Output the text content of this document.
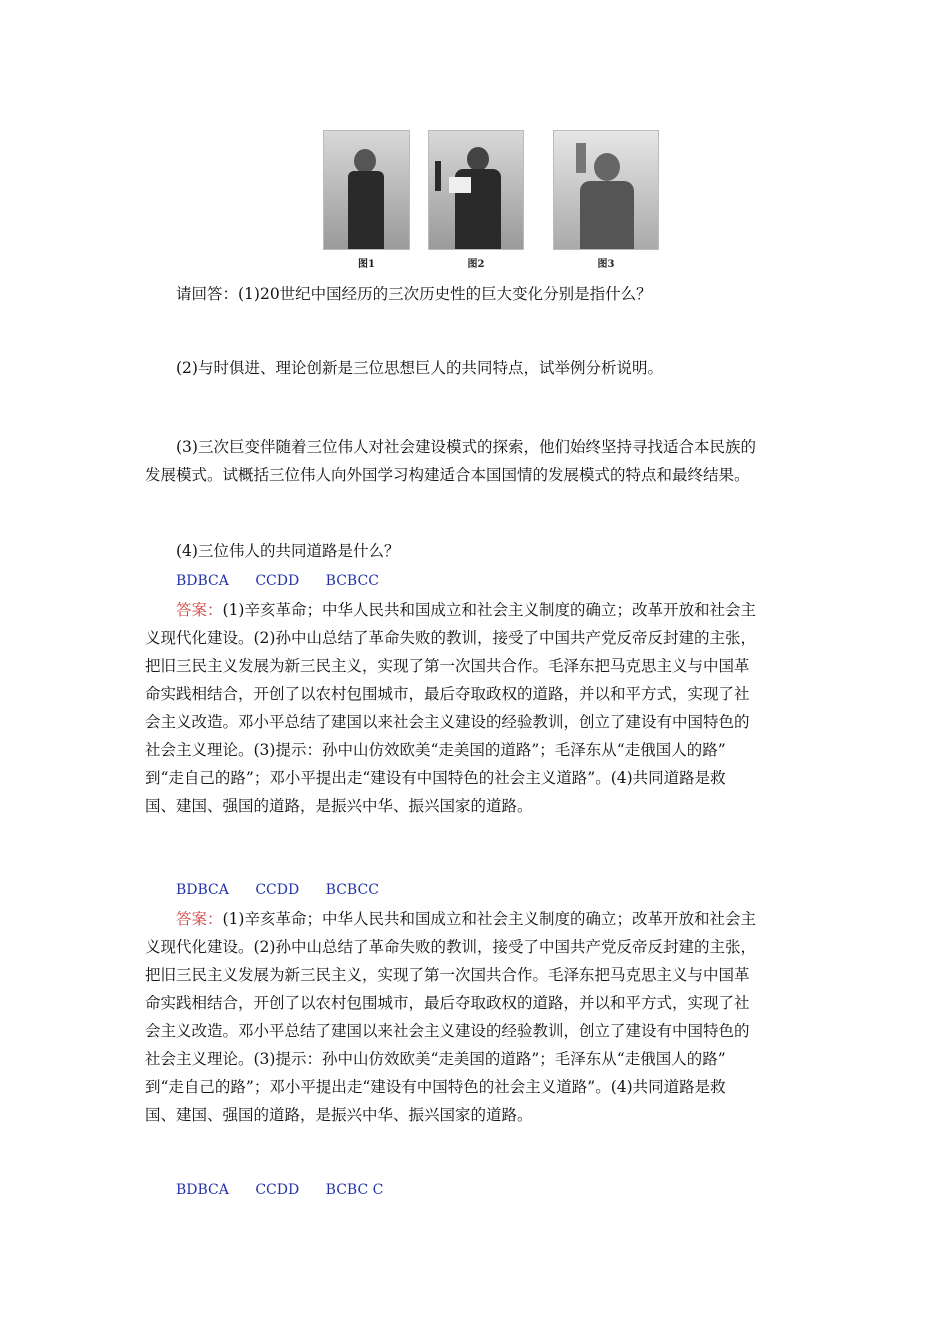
图1	图2	图3
请回答：(1)20世纪中国经历的三次历史性的巨大变化分别是指什么？
(2)与时俱进、理论创新是三位思想巨人的共同特点，试举例分析说明。
(3)三次巨变伴随着三位伟人对社会建设模式的探索，他们始终坚持寻找适合本民族的
发展模式。试概括三位伟人向外国学习构建适合本国国情的发展模式的特点和最终结果。
(4)三位伟人的共同道路是什么？
BDBCA CCDD BCBCC
答案：(1)辛亥革命；中华人民共和国成立和社会主义制度的确立；改革开放和社会主
义现代化建设。(2)孙中山总结了革命失败的教训，接受了中国共产党反帝反封建的主张，
把旧三民主义发展为新三民主义，实现了第一次国共合作。毛泽东把马克思主义与中国革
命实践相结合，开创了以农村包围城市，最后夺取政权的道路，并以和平方式，实现了社
会主义改造。邓小平总结了建国以来社会主义建设的经验教训，创立了建设有中国特色的
社会主义理论。(3)提示：孙中山仿效欧美“走美国的道路”；毛泽东从“走俄国人的路”
到“走自己的路”；邓小平提出走“建设有中国特色的社会主义道路”。(4)共同道路是救
国、建国、强国的道路，是振兴中华、振兴国家的道路。
BDBCA CCDD BCBCC
答案：(1)辛亥革命；中华人民共和国成立和社会主义制度的确立；改革开放和社会主
义现代化建设。(2)孙中山总结了革命失败的教训，接受了中国共产党反帝反封建的主张，
把旧三民主义发展为新三民主义，实现了第一次国共合作。毛泽东把马克思主义与中国革
命实践相结合，开创了以农村包围城市，最后夺取政权的道路，并以和平方式，实现了社
会主义改造。邓小平总结了建国以来社会主义建设的经验教训，创立了建设有中国特色的
社会主义理论。(3)提示：孙中山仿效欧美“走美国的道路”；毛泽东从“走俄国人的路”
到“走自己的路”；邓小平提出走“建设有中国特色的社会主义道路”。(4)共同道路是救
国、建国、强国的道路，是振兴中华、振兴国家的道路。
BDBCA CCDD BCBC C
